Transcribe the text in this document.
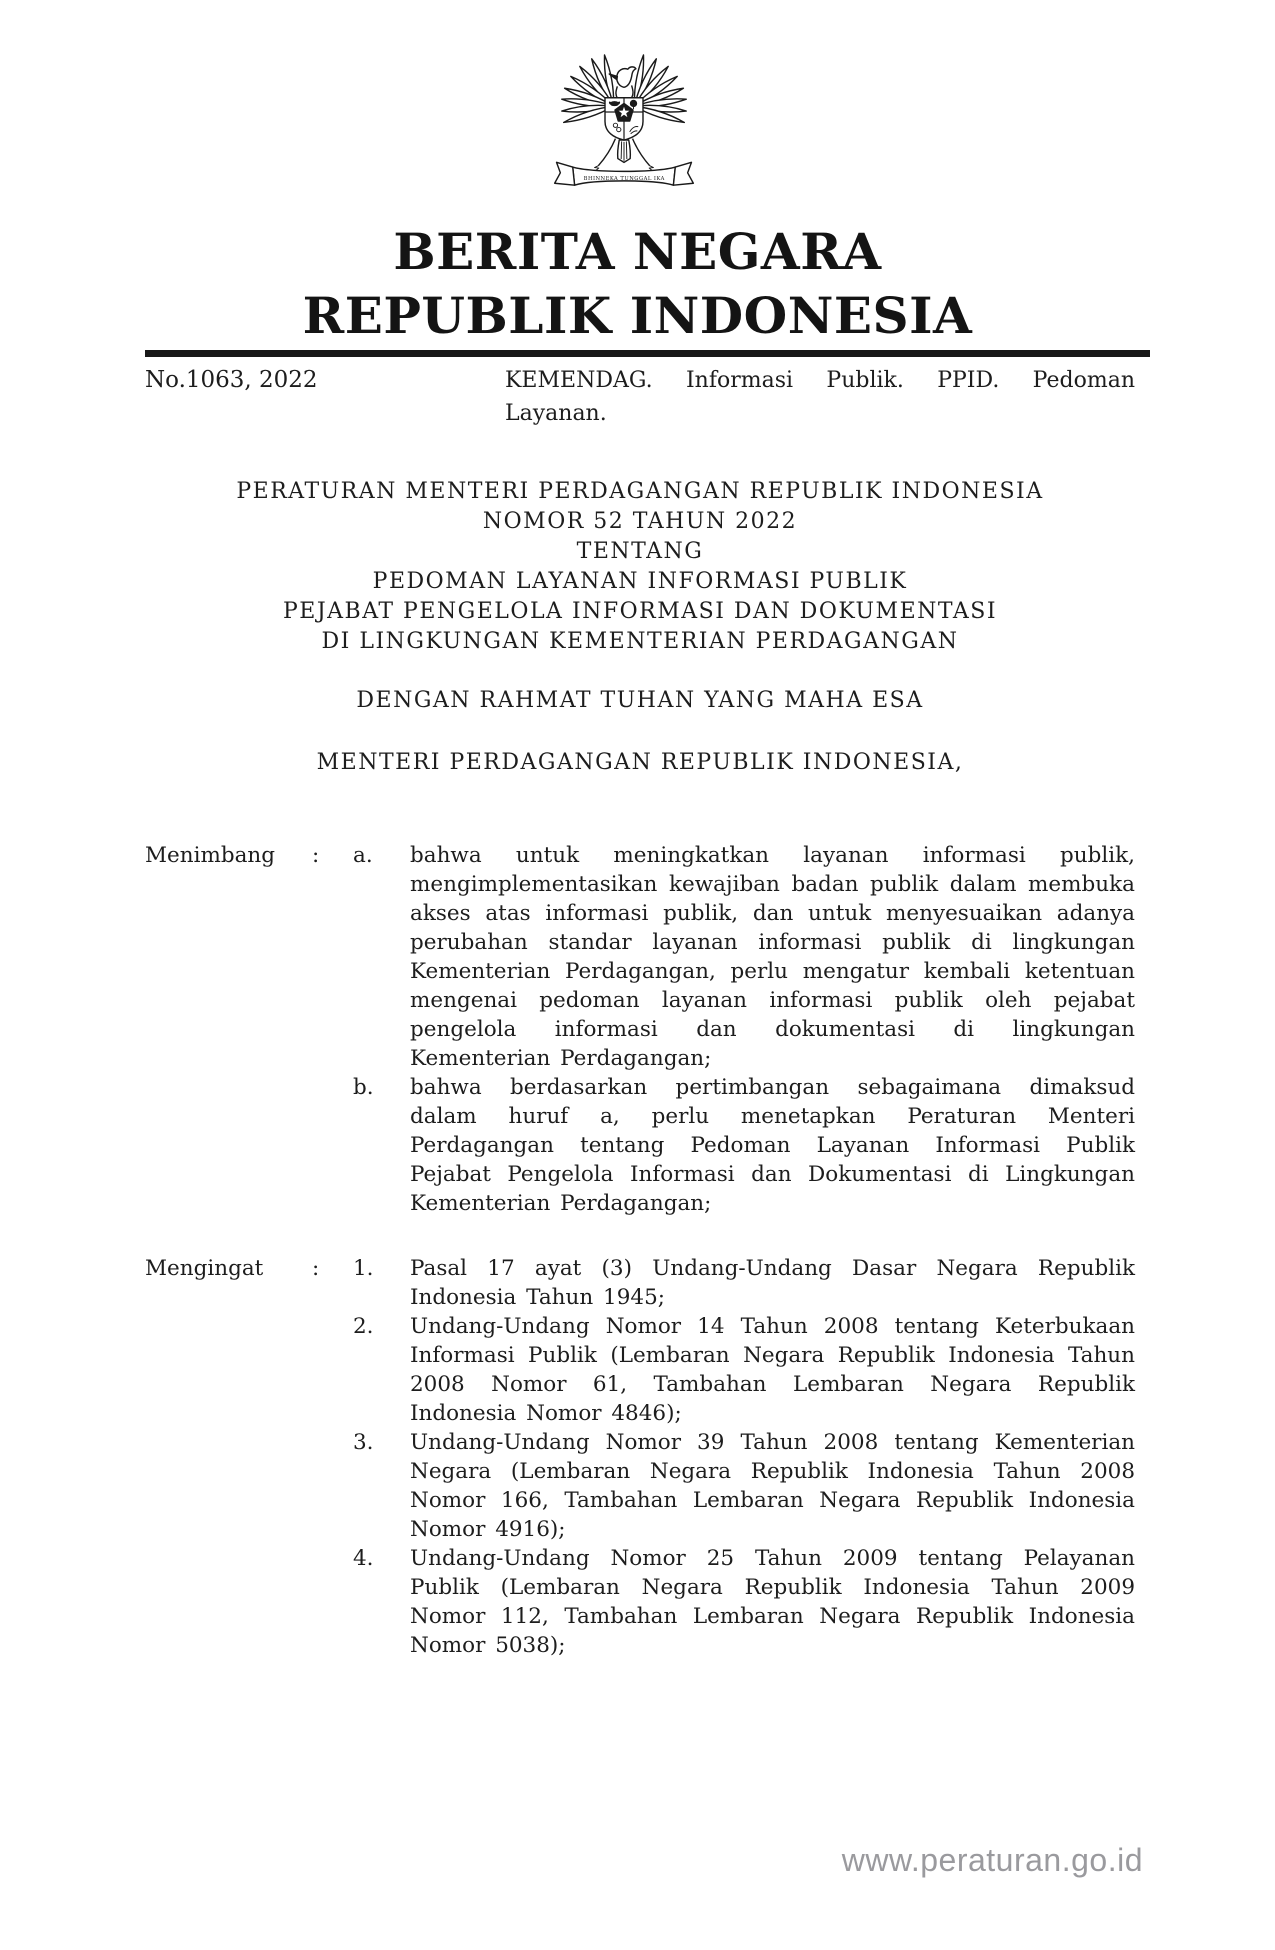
BHINNEKA TUNGGAL IKA
BERITA NEGARA
REPUBLIK INDONESIA
No.1063, 2022	KEMENDAG. Informasi Publik. PPID. Pedoman
Layanan.
PERATURAN MENTERI PERDAGANGAN REPUBLIK INDONESIA
NOMOR 52 TAHUN 2022
TENTANG
PEDOMAN LAYANAN INFORMASI PUBLIK
PEJABAT PENGELOLA INFORMASI DAN DOKUMENTASI
DI LINGKUNGAN KEMENTERIAN PERDAGANGAN
DENGAN RAHMAT TUHAN YANG MAHA ESA
MENTERI PERDAGANGAN REPUBLIK INDONESIA,
Menimbang	:	a.	bahwa untuk meningkatkan layanan informasi publik, mengimplementasikan kewajiban badan publik dalam membuka akses atas informasi publik, dan untuk menyesuaikan adanya perubahan standar layanan informasi publik di lingkungan Kementerian Perdagangan, perlu mengatur kembali ketentuan mengenai pedoman layanan informasi publik oleh pejabat pengelola informasi dan dokumentasi di lingkungan Kementerian Perdagangan;
b.	bahwa berdasarkan pertimbangan sebagaimana dimaksud dalam huruf a, perlu menetapkan Peraturan Menteri Perdagangan tentang Pedoman Layanan Informasi Publik Pejabat Pengelola Informasi dan Dokumentasi di Lingkungan Kementerian Perdagangan;
Mengingat	:	1.	Pasal 17 ayat (3) Undang-Undang Dasar Negara Republik Indonesia Tahun 1945;
2.	Undang-Undang Nomor 14 Tahun 2008 tentang Keterbukaan Informasi Publik (Lembaran Negara Republik Indonesia Tahun 2008 Nomor 61, Tambahan Lembaran Negara Republik Indonesia Nomor 4846);
3.	Undang-Undang Nomor 39 Tahun 2008 tentang Kementerian Negara (Lembaran Negara Republik Indonesia Tahun 2008 Nomor 166, Tambahan Lembaran Negara Republik Indonesia Nomor 4916);
4.	Undang-Undang Nomor 25 Tahun 2009 tentang Pelayanan Publik (Lembaran Negara Republik Indonesia Tahun 2009 Nomor 112, Tambahan Lembaran Negara Republik Indonesia Nomor 5038);
www.peraturan.go.id
